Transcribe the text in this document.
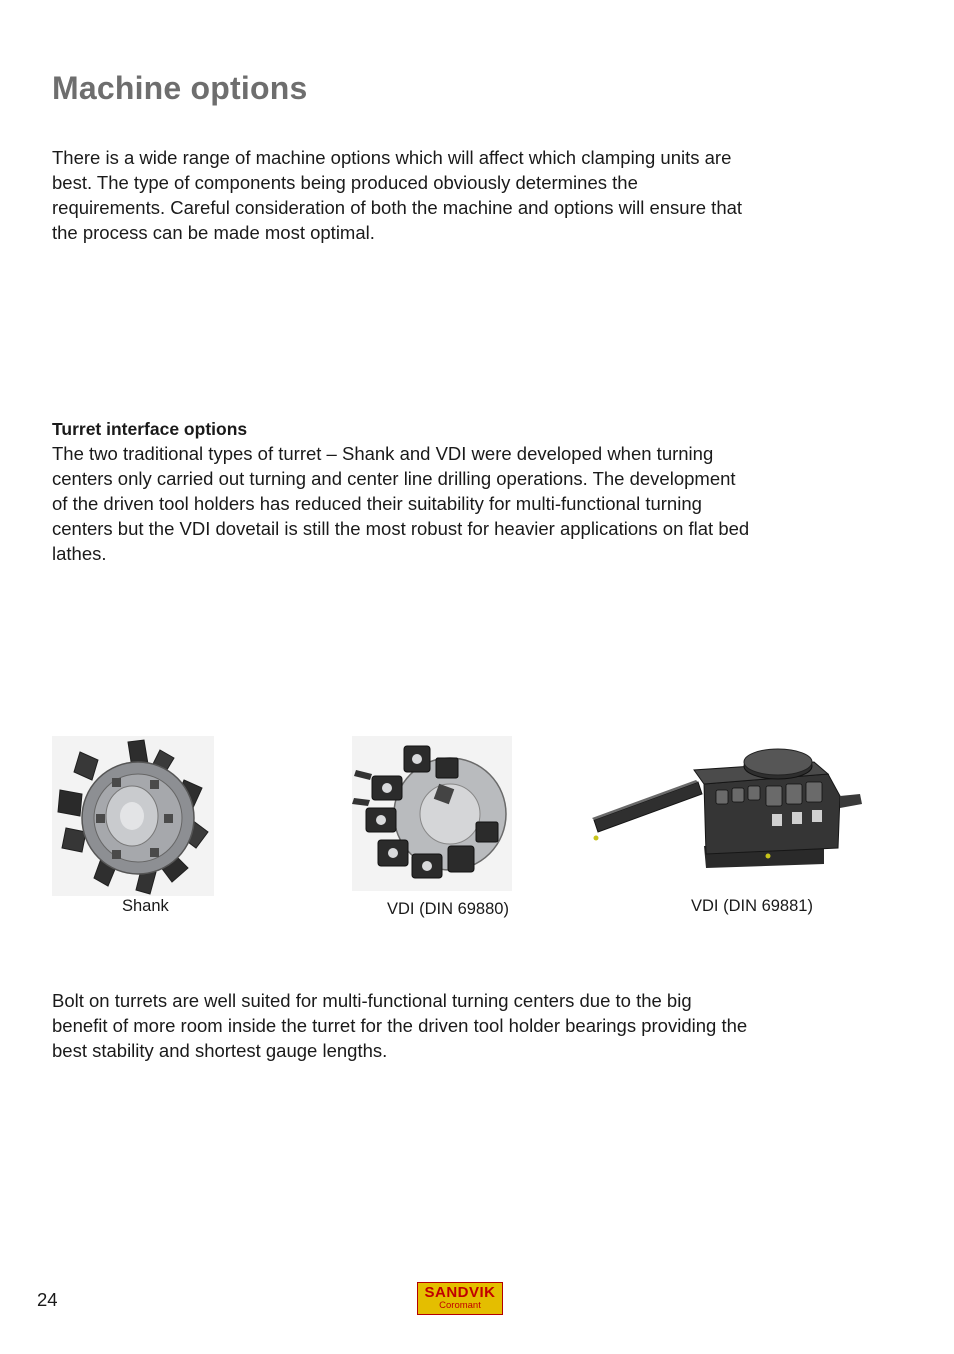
Machine options

There is a wide range of machine options which will affect which clamping units are best. The type of components being produced obviously determines the requirements. Careful consideration of both the machine and options will ensure that the process can be made most optimal.

Turret interface options

The two traditional types of turret – Shank and VDI were developed when turning centers only carried out turning and center line drilling operations. The development of the driven tool holders has reduced their suitability for multi-functional turning centers but the VDI dovetail is still the most robust for heavier applications on flat bed lathes.

Shank	VDI (DIN 69880)	VDI (DIN 69881)

Bolt on turrets are well suited for multi-functional turning centers due to the big benefit of more room inside the turret for the driven tool holder bearings providing the best stability and shortest gauge lengths.

24	SANDVIK
Coromant
